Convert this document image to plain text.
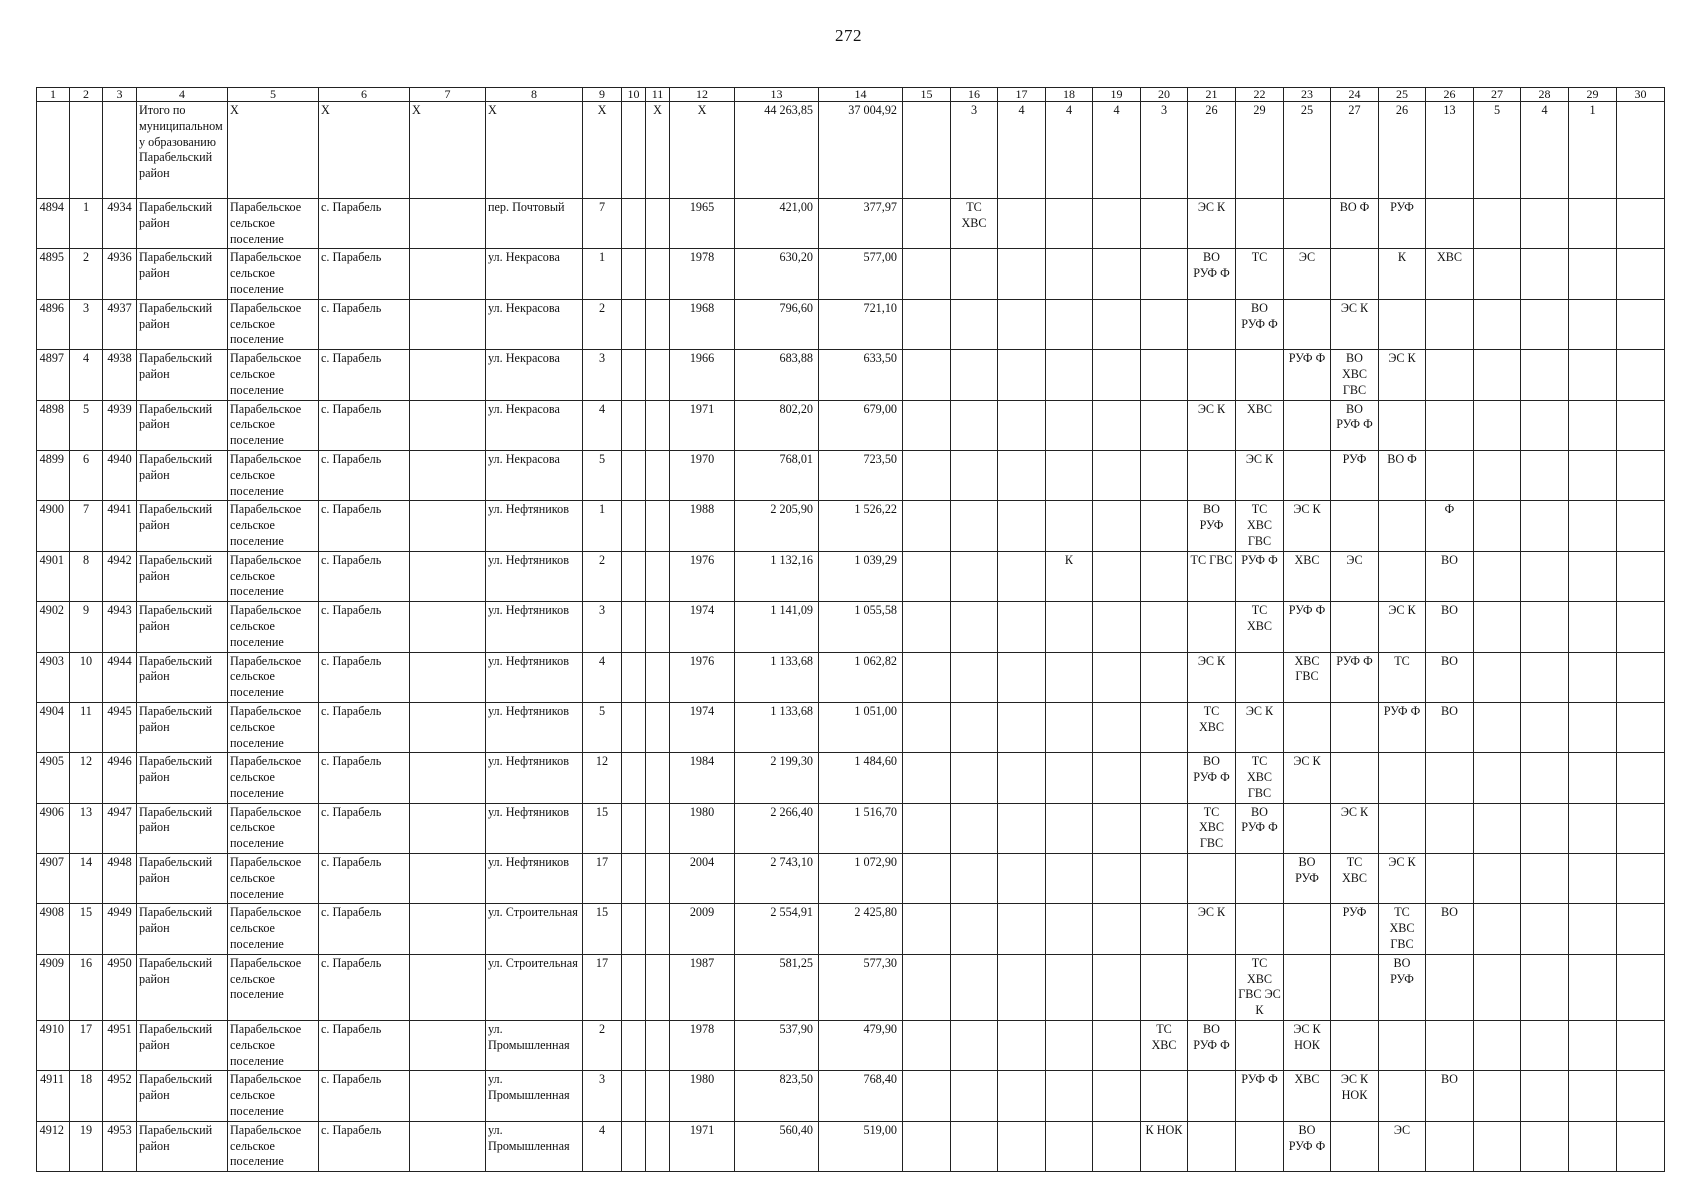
272
1	2	3	4	5	6	7	8	9	10	11	12	13	14	15	16	17	18	19	20	21	22	23	24	25	26	27	28	29	30
			Итого по муниципальному образованию Парабельский район	Х	Х	Х	Х	Х		Х	Х	44 263,85	37 004,92		3	4	4	4	3	26	29	25	27	26	13	5	4	1	
4894	1	4934	Парабельский район	Парабельское сельское поселение	с. Парабель		пер. Почтовый	7			1965	421,00	377,97		ТС ХВС					ЭС К			ВО Ф	РУФ					
4895	2	4936	Парабельский район	Парабельское сельское поселение	с. Парабель		ул. Некрасова	1			1978	630,20	577,00							ВО РУФ Ф	ТС	ЭС		К	ХВС				
4896	3	4937	Парабельский район	Парабельское сельское поселение	с. Парабель		ул. Некрасова	2			1968	796,60	721,10								ВО РУФ Ф		ЭС К						
4897	4	4938	Парабельский район	Парабельское сельское поселение	с. Парабель		ул. Некрасова	3			1966	683,88	633,50									РУФ Ф	ВО ХВС ГВС	ЭС К					
4898	5	4939	Парабельский район	Парабельское сельское поселение	с. Парабель		ул. Некрасова	4			1971	802,20	679,00							ЭС К	ХВС		ВО РУФ Ф						
4899	6	4940	Парабельский район	Парабельское сельское поселение	с. Парабель		ул. Некрасова	5			1970	768,01	723,50								ЭС К		РУФ	ВО Ф					
4900	7	4941	Парабельский район	Парабельское сельское поселение	с. Парабель		ул. Нефтяников	1			1988	2 205,90	1 526,22							ВО РУФ	ТС ХВС ГВС	ЭС К			Ф				
4901	8	4942	Парабельский район	Парабельское сельское поселение	с. Парабель		ул. Нефтяников	2			1976	1 132,16	1 039,29				К			ТС ГВС	РУФ Ф	ХВС	ЭС		ВО				
4902	9	4943	Парабельский район	Парабельское сельское поселение	с. Парабель		ул. Нефтяников	3			1974	1 141,09	1 055,58								ТС ХВС	РУФ Ф		ЭС К	ВО				
4903	10	4944	Парабельский район	Парабельское сельское поселение	с. Парабель		ул. Нефтяников	4			1976	1 133,68	1 062,82							ЭС К		ХВС ГВС	РУФ Ф	ТС	ВО				
4904	11	4945	Парабельский район	Парабельское сельское поселение	с. Парабель		ул. Нефтяников	5			1974	1 133,68	1 051,00							ТС ХВС	ЭС К			РУФ Ф	ВО				
4905	12	4946	Парабельский район	Парабельское сельское поселение	с. Парабель		ул. Нефтяников	12			1984	2 199,30	1 484,60							ВО РУФ Ф	ТС ХВС ГВС	ЭС К							
4906	13	4947	Парабельский район	Парабельское сельское поселение	с. Парабель		ул. Нефтяников	15			1980	2 266,40	1 516,70							ТС ХВС ГВС	ВО РУФ Ф		ЭС К						
4907	14	4948	Парабельский район	Парабельское сельское поселение	с. Парабель		ул. Нефтяников	17			2004	2 743,10	1 072,90									ВО РУФ	ТС ХВС	ЭС К					
4908	15	4949	Парабельский район	Парабельское сельское поселение	с. Парабель		ул. Строительная	15			2009	2 554,91	2 425,80							ЭС К			РУФ	ТС ХВС ГВС	ВО				
4909	16	4950	Парабельский район	Парабельское сельское поселение	с. Парабель		ул. Строительная	17			1987	581,25	577,30								ТС ХВС ГВС ЭС К			ВО РУФ					
4910	17	4951	Парабельский район	Парабельское сельское поселение	с. Парабель		ул. Промышленная	2			1978	537,90	479,90						ТС ХВС	ВО РУФ Ф		ЭС К НОК							
4911	18	4952	Парабельский район	Парабельское сельское поселение	с. Парабель		ул. Промышленная	3			1980	823,50	768,40								РУФ Ф	ХВС	ЭС К НОК		ВО				
4912	19	4953	Парабельский район	Парабельское сельское поселение	с. Парабель		ул. Промышленная	4			1971	560,40	519,00						К НОК			ВО РУФ Ф		ЭС					
